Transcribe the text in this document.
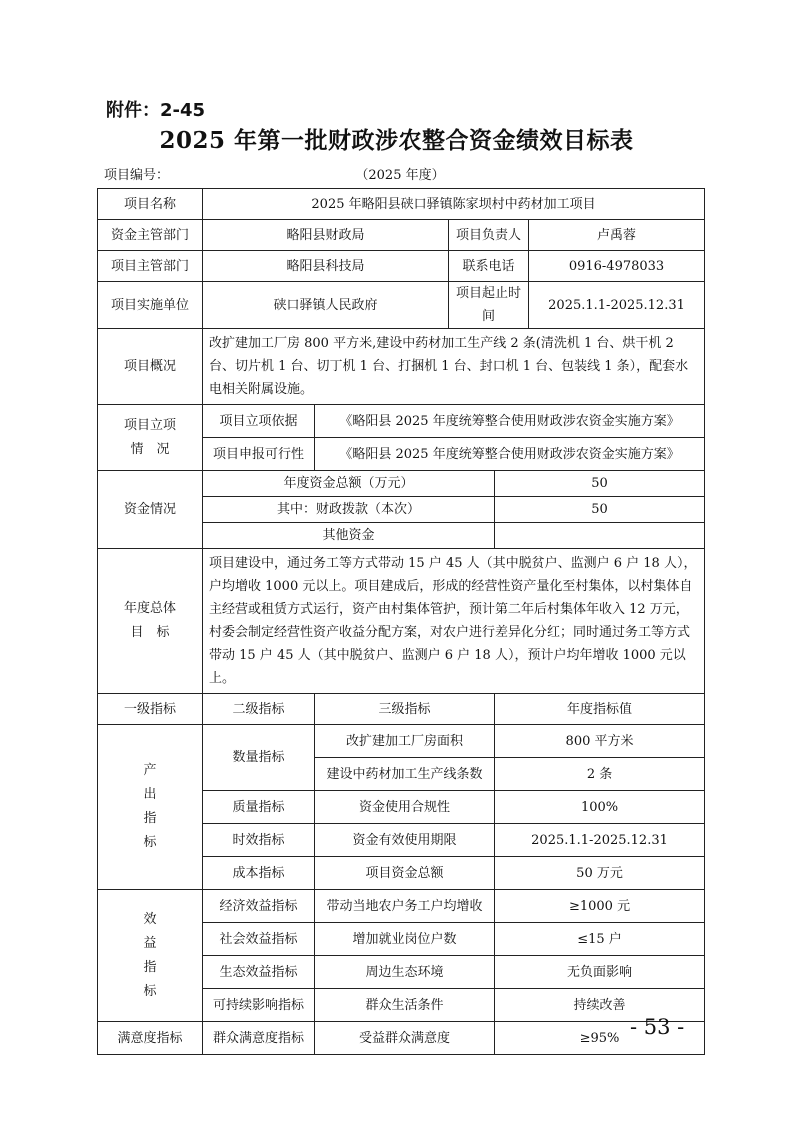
附件：2-45
2025 年第一批财政涉农整合资金绩效目标表
项目编号：	（2025 年度）
项目名称	2025 年略阳县硖口驿镇陈家坝村中药材加工项目				
资金主管部门	略阳县财政局		项目负责人		卢禹蓉
项目主管部门	略阳县科技局		联系电话		0916-4978033
项目实施单位	硖口驿镇人民政府		项目起止时间		2025.1.1-2025.12.31
项目概况	改扩建加工厂房 800 平方米,建设中药材加工生产线 2 条(清洗机 1 台、烘干机 2 台、切片机 1 台、切丁机 1 台、打捆机 1 台、封口机 1 台、包装线 1 条），配套水电相关附属设施。				
项目立项
情　况	项目立项依据	《略阳县 2025 年度统筹整合使用财政涉农资金实施方案》			
	项目申报可行性	《略阳县 2025 年度统筹整合使用财政涉农资金实施方案》			
资金情况	年度资金总额（万元）			50	
	其中：财政拨款（本次）			50	
	其他资金				
年度总体
目　标	项目建设中，通过务工等方式带动 15 户 45 人（其中脱贫户、监测户 6 户 18 人），户均增收 1000 元以上。项目建成后，形成的经营性资产量化至村集体，以村集体自主经营或租赁方式运行，资产由村集体管护，预计第二年后村集体年收入 12 万元，村委会制定经营性资产收益分配方案，对农户进行差异化分红；同时通过务工等方式带动 15 户 45 人（其中脱贫户、监测户 6 户 18 人），预计户均年增收 1000 元以上。				
一级指标	二级指标	三级指标		年度指标值	
产
出
指
标	数量指标	改扩建加工厂房面积		800 平方米	
		建设中药材加工生产线条数		2 条	
	质量指标	资金使用合规性		100%	
	时效指标	资金有效使用期限		2025.1.1-2025.12.31	
	成本指标	项目资金总额		50 万元	
效
益
指
标	经济效益指标	带动当地农户务工户均增收		≥1000 元	
	社会效益指标	增加就业岗位户数		≤15 户	
	生态效益指标	周边生态环境		无负面影响	
	可持续影响指标	群众生活条件		持续改善	
满意度指标	群众满意度指标	受益群众满意度		≥95%	- 53 -
